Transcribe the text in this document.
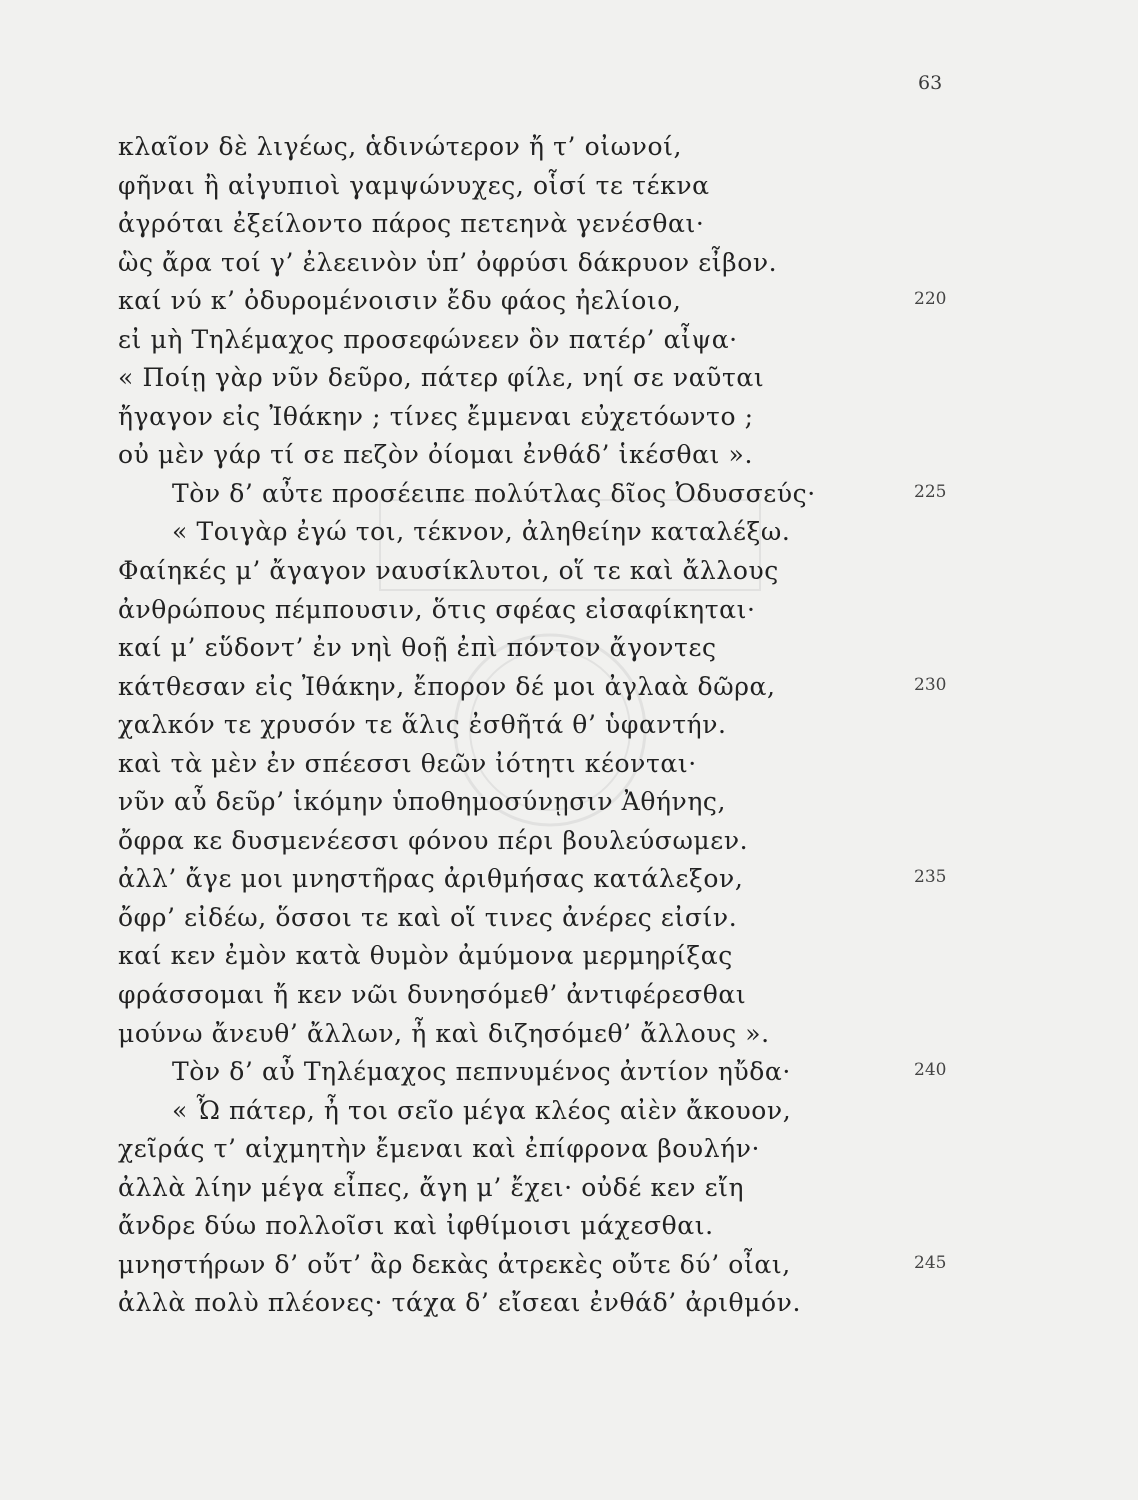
63
κλαῖον δὲ λιγέως, ἁδινώτερον ἤ τ’ οἰωνοί,
φῆναι ἢ αἰγυπιοὶ γαμψώνυχες, οἷσί τε τέκνα
ἀγρόται ἐξείλοντο πάρος πετεηνὰ γενέσθαι·
ὣς ἄρα τοί γ’ ἐλεεινὸν ὑπ’ ὀφρύσι δάκρυον εἶβον.
καί νύ κ’ ὀδυρομένοισιν ἔδυ φάος ἠελίοιο,	220
εἰ μὴ Τηλέμαχος προσεφώνεεν ὃν πατέρ’ αἶψα·
« Ποίῃ γὰρ νῦν δεῦρο, πάτερ φίλε, νηί σε ναῦται
ἤγαγον εἰς Ἰθάκην ; τίνες ἔμμεναι εὐχετόωντο ;
οὐ μὲν γάρ τί σε πεζὸν ὀίομαι ἐνθάδ’ ἱκέσθαι ».
Τὸν δ’ αὖτε προσέειπε πολύτλας δῖος Ὀδυσσεύς·	225
« Τοιγὰρ ἐγώ τοι, τέκνον, ἀληθείην καταλέξω.
Φαίηκές μ’ ἄγαγον ναυσίκλυτοι, οἵ τε καὶ ἄλλους
ἀνθρώπους πέμπουσιν, ὅτις σφέας εἰσαφίκηται·
καί μ’ εὕδοντ’ ἐν νηὶ θοῇ ἐπὶ πόντον ἄγοντες
κάτθεσαν εἰς Ἰθάκην, ἔπορον δέ μοι ἀγλαὰ δῶρα,	230
χαλκόν τε χρυσόν τε ἅλις ἐσθῆτά θ’ ὑφαντήν.
καὶ τὰ μὲν ἐν σπέεσσι θεῶν ἰότητι κέονται·
νῦν αὖ δεῦρ’ ἱκόμην ὑποθημοσύνῃσιν Ἀθήνης,
ὄφρα κε δυσμενέεσσι φόνου πέρι βουλεύσωμεν.
ἀλλ’ ἄγε μοι μνηστῆρας ἀριθμήσας κατάλεξον,	235
ὄφρ’ εἰδέω, ὅσσοι τε καὶ οἵ τινες ἀνέρες εἰσίν.
καί κεν ἐμὸν κατὰ θυμὸν ἀμύμονα μερμηρίξας
φράσσομαι ἤ κεν νῶι δυνησόμεθ’ ἀντιφέρεσθαι
μούνω ἄνευθ’ ἄλλων, ἦ καὶ διζησόμεθ’ ἄλλους ».
Τὸν δ’ αὖ Τηλέμαχος πεπνυμένος ἀντίον ηὔδα·	240
« Ὦ πάτερ, ἦ τοι σεῖο μέγα κλέος αἰὲν ἄκουον,
χεῖράς τ’ αἰχμητὴν ἔμεναι καὶ ἐπίφρονα βουλήν·
ἀλλὰ λίην μέγα εἶπες, ἄγη μ’ ἔχει· οὐδέ κεν εἴη
ἄνδρε δύω πολλοῖσι καὶ ἰφθίμοισι μάχεσθαι.
μνηστήρων δ’ οὔτ’ ἂρ δεκὰς ἀτρεκὲς οὔτε δύ’ οἶαι,	245
ἀλλὰ πολὺ πλέονες· τάχα δ’ εἴσεαι ἐνθάδ’ ἀριθμόν.
